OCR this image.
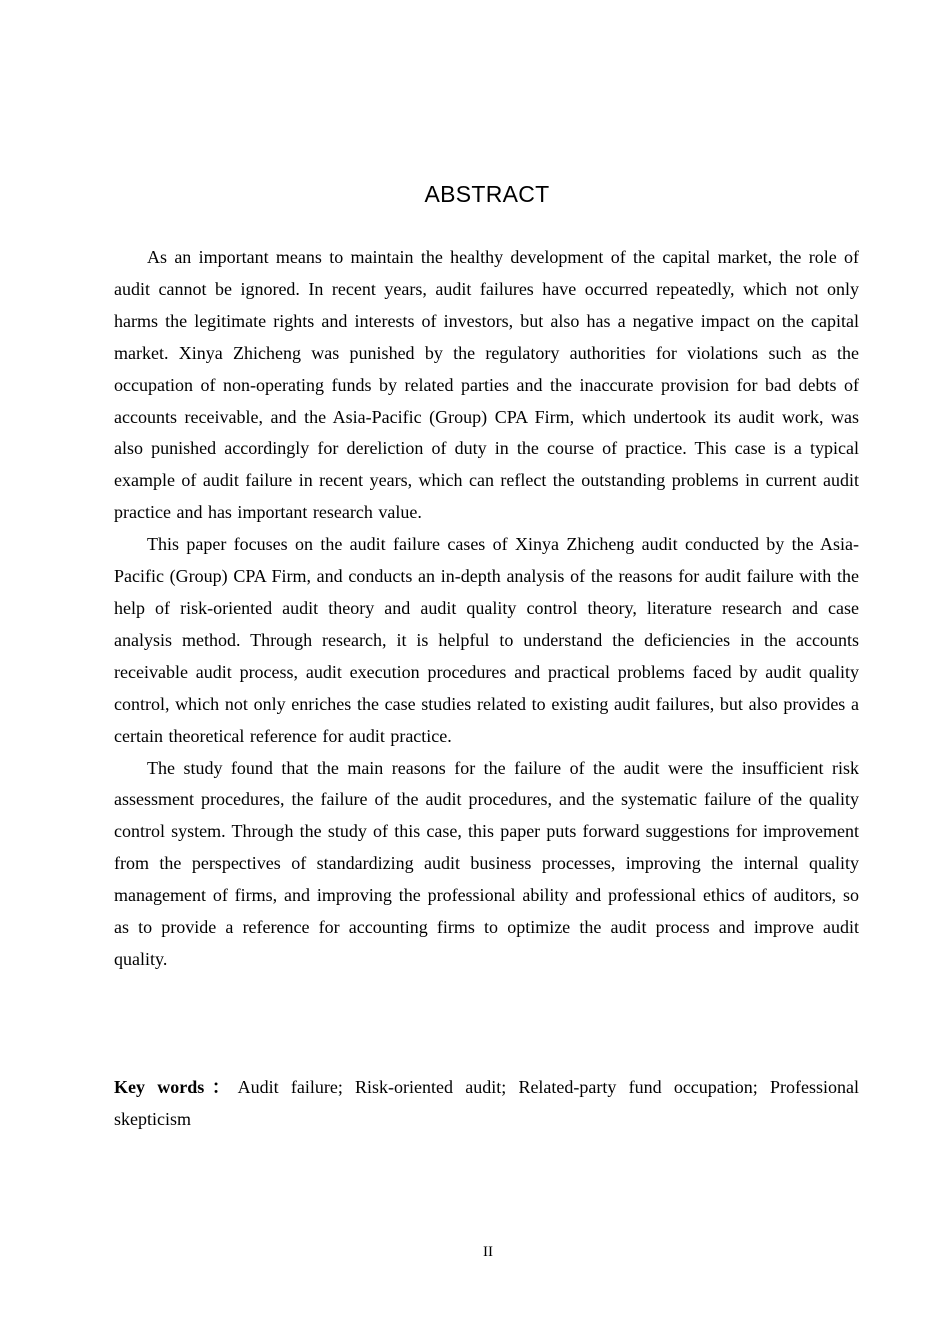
ABSTRACT

As an important means to maintain the healthy development of the capital market, the role of audit cannot be ignored. In recent years, audit failures have occurred repeatedly, which not only harms the legitimate rights and interests of investors, but also has a negative impact on the capital market. Xinya Zhicheng was punished by the regulatory authorities for violations such as the occupation of non-operating funds by related parties and the inaccurate provision for bad debts of accounts receivable, and the Asia-Pacific (Group) CPA Firm, which undertook its audit work, was also punished accordingly for dereliction of duty in the course of practice. This case is a typical example of audit failure in recent years, which can reflect the outstanding problems in current audit practice and has important research value.

This paper focuses on the audit failure cases of Xinya Zhicheng audit conducted by the Asia-Pacific (Group) CPA Firm, and conducts an in-depth analysis of the reasons for audit failure with the help of risk-oriented audit theory and audit quality control theory, literature research and case analysis method. Through research, it is helpful to understand the deficiencies in the accounts receivable audit process, audit execution procedures and practical problems faced by audit quality control, which not only enriches the case studies related to existing audit failures, but also provides a certain theoretical reference for audit practice.

The study found that the main reasons for the failure of the audit were the insufficient risk assessment procedures, the failure of the audit procedures, and the systematic failure of the quality control system. Through the study of this case, this paper puts forward suggestions for improvement from the perspectives of standardizing audit business processes, improving the internal quality management of firms, and improving the professional ability and professional ethics of auditors, so as to provide a reference for accounting firms to optimize the audit process and improve audit quality.

Key words：Audit failure; Risk-oriented audit; Related-party fund occupation; Professional skepticism

II
